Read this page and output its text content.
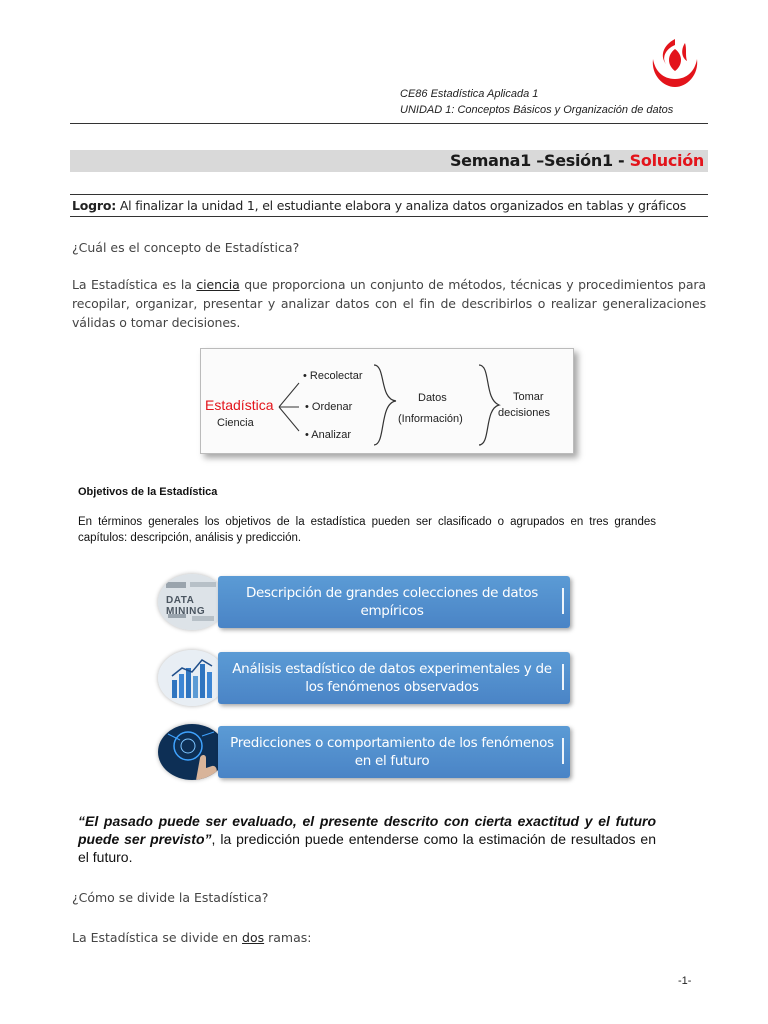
CE86 Estadística Aplicada 1
UNIDAD 1: Conceptos Básicos y Organización de datos
Semana1 –Sesión1 - Solución
Logro: Al finalizar la unidad 1, el estudiante elabora y analiza datos organizados en tablas y gráficos
¿Cuál es el concepto de Estadística?
La Estadística es la ciencia que proporciona un conjunto de métodos, técnicas y procedimientos para recopilar, organizar, presentar y analizar datos con el fin de describirlos o realizar generalizaciones válidas o tomar decisiones.
Estadística
Ciencia
• Recolectar
• Ordenar
• Analizar
Datos
(Información)
Tomar
decisiones
Objetivos de la Estadística
En términos generales los objetivos de la estadística pueden ser clasificado o agrupados en tres grandes capítulos: descripción, análisis y predicción.
DATA MINING
Descripción de grandes colecciones de datos empíricos
Análisis estadístico de datos experimentales y de los fenómenos observados
Predicciones o comportamiento de los fenómenos en el futuro
“El pasado puede ser evaluado, el presente descrito con cierta exactitud y el futuro puede ser previsto”, la predicción puede entenderse como la estimación de resultados en el futuro.
¿Cómo se divide la Estadística?
La Estadística se divide en dos ramas:
-1-
